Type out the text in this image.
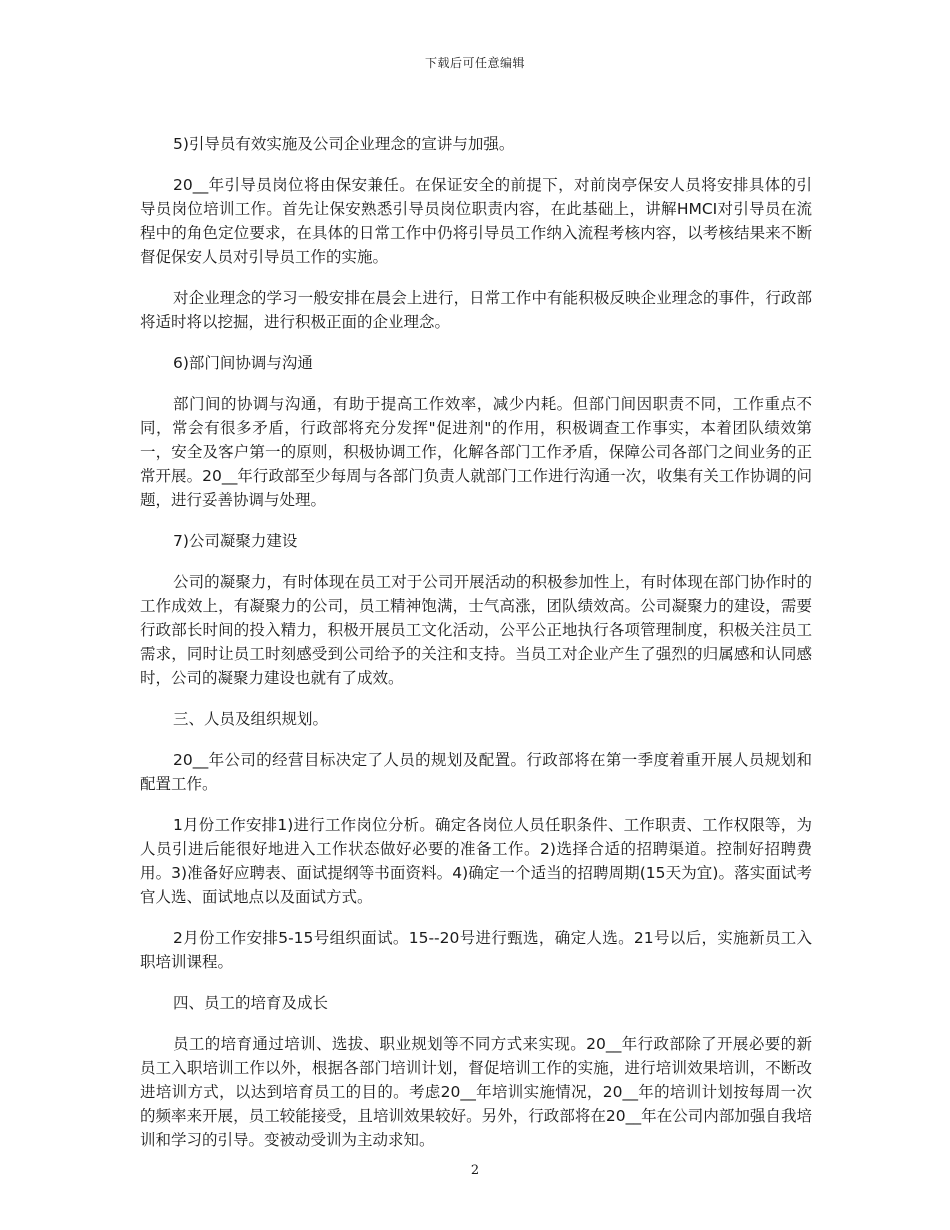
下载后可任意编辑

5)引导员有效实施及公司企业理念的宣讲与加强。

20__年引导员岗位将由保安兼任。在保证安全的前提下，对前岗亭保安人员将安排具体的引导员岗位培训工作。首先让保安熟悉引导员岗位职责内容，在此基础上，讲解HMCI对引导员在流程中的角色定位要求，在具体的日常工作中仍将引导员工作纳入流程考核内容，以考核结果来不断督促保安人员对引导员工作的实施。

对企业理念的学习一般安排在晨会上进行，日常工作中有能积极反映企业理念的事件，行政部将适时将以挖掘，进行积极正面的企业理念。

6)部门间协调与沟通

部门间的协调与沟通，有助于提高工作效率，减少内耗。但部门间因职责不同，工作重点不同，常会有很多矛盾，行政部将充分发挥"促进剂"的作用，积极调查工作事实，本着团队绩效第一，安全及客户第一的原则，积极协调工作，化解各部门工作矛盾，保障公司各部门之间业务的正常开展。20__年行政部至少每周与各部门负责人就部门工作进行沟通一次，收集有关工作协调的问题，进行妥善协调与处理。

7)公司凝聚力建设

公司的凝聚力，有时体现在员工对于公司开展活动的积极参加性上，有时体现在部门协作时的工作成效上，有凝聚力的公司，员工精神饱满，士气高涨，团队绩效高。公司凝聚力的建设，需要行政部长时间的投入精力，积极开展员工文化活动，公平公正地执行各项管理制度，积极关注员工需求，同时让员工时刻感受到公司给予的关注和支持。当员工对企业产生了强烈的归属感和认同感时，公司的凝聚力建设也就有了成效。

三、人员及组织规划。

20__年公司的经营目标决定了人员的规划及配置。行政部将在第一季度着重开展人员规划和配置工作。

1月份工作安排1)进行工作岗位分析。确定各岗位人员任职条件、工作职责、工作权限等，为人员引进后能很好地进入工作状态做好必要的准备工作。2)选择合适的招聘渠道。控制好招聘费用。3)准备好应聘表、面试提纲等书面资料。4)确定一个适当的招聘周期(15天为宜)。落实面试考官人选、面试地点以及面试方式。

2月份工作安排5-15号组织面试。15--20号进行甄选，确定人选。21号以后，实施新员工入职培训课程。

四、员工的培育及成长

员工的培育通过培训、选拔、职业规划等不同方式来实现。20__年行政部除了开展必要的新员工入职培训工作以外，根据各部门培训计划，督促培训工作的实施，进行培训效果培训，不断改进培训方式，以达到培育员工的目的。考虑20__年培训实施情况，20__年的培训计划按每周一次的频率来开展，员工较能接受，且培训效果较好。另外，行政部将在20__年在公司内部加强自我培训和学习的引导。变被动受训为主动求知。

2
